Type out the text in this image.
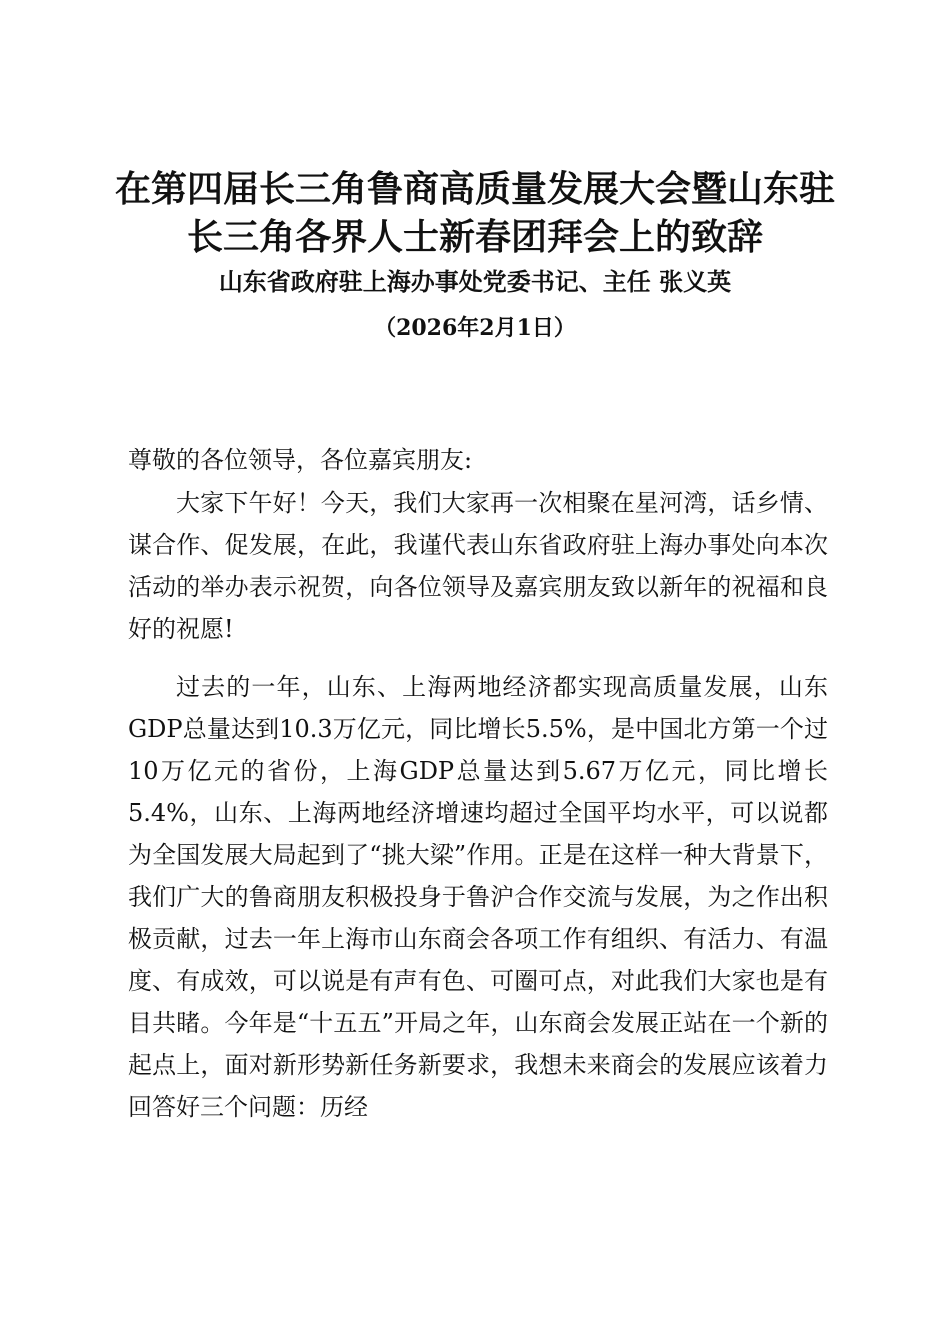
在第四届长三角鲁商高质量发展大会暨山东驻
长三角各界人士新春团拜会上的致辞
山东省政府驻上海办事处党委书记、主任 张义英
（2026年2月1日）

尊敬的各位领导，各位嘉宾朋友:

大家下午好！今天，我们大家再一次相聚在星河湾，话乡情、谋合作、促发展，在此，我谨代表山东省政府驻上海办事处向本次活动的举办表示祝贺，向各位领导及嘉宾朋友致以新年的祝福和良好的祝愿!

过去的一年，山东、上海两地经济都实现高质量发展，山东GDP总量达到10.3万亿元，同比增长5.5%，是中国北方第一个过10万亿元的省份，上海GDP总量达到5.67万亿元，同比增长5.4%，山东、上海两地经济增速均超过全国平均水平，可以说都为全国发展大局起到了“挑大梁”作用。正是在这样一种大背景下，我们广大的鲁商朋友积极投身于鲁沪合作交流与发展，为之作出积极贡献，过去一年上海市山东商会各项工作有组织、有活力、有温度、有成效，可以说是有声有色、可圈可点，对此我们大家也是有目共睹。今年是“十五五”开局之年，山东商会发展正站在一个新的起点上，面对新形势新任务新要求，我想未来商会的发展应该着力回答好三个问题：历经
